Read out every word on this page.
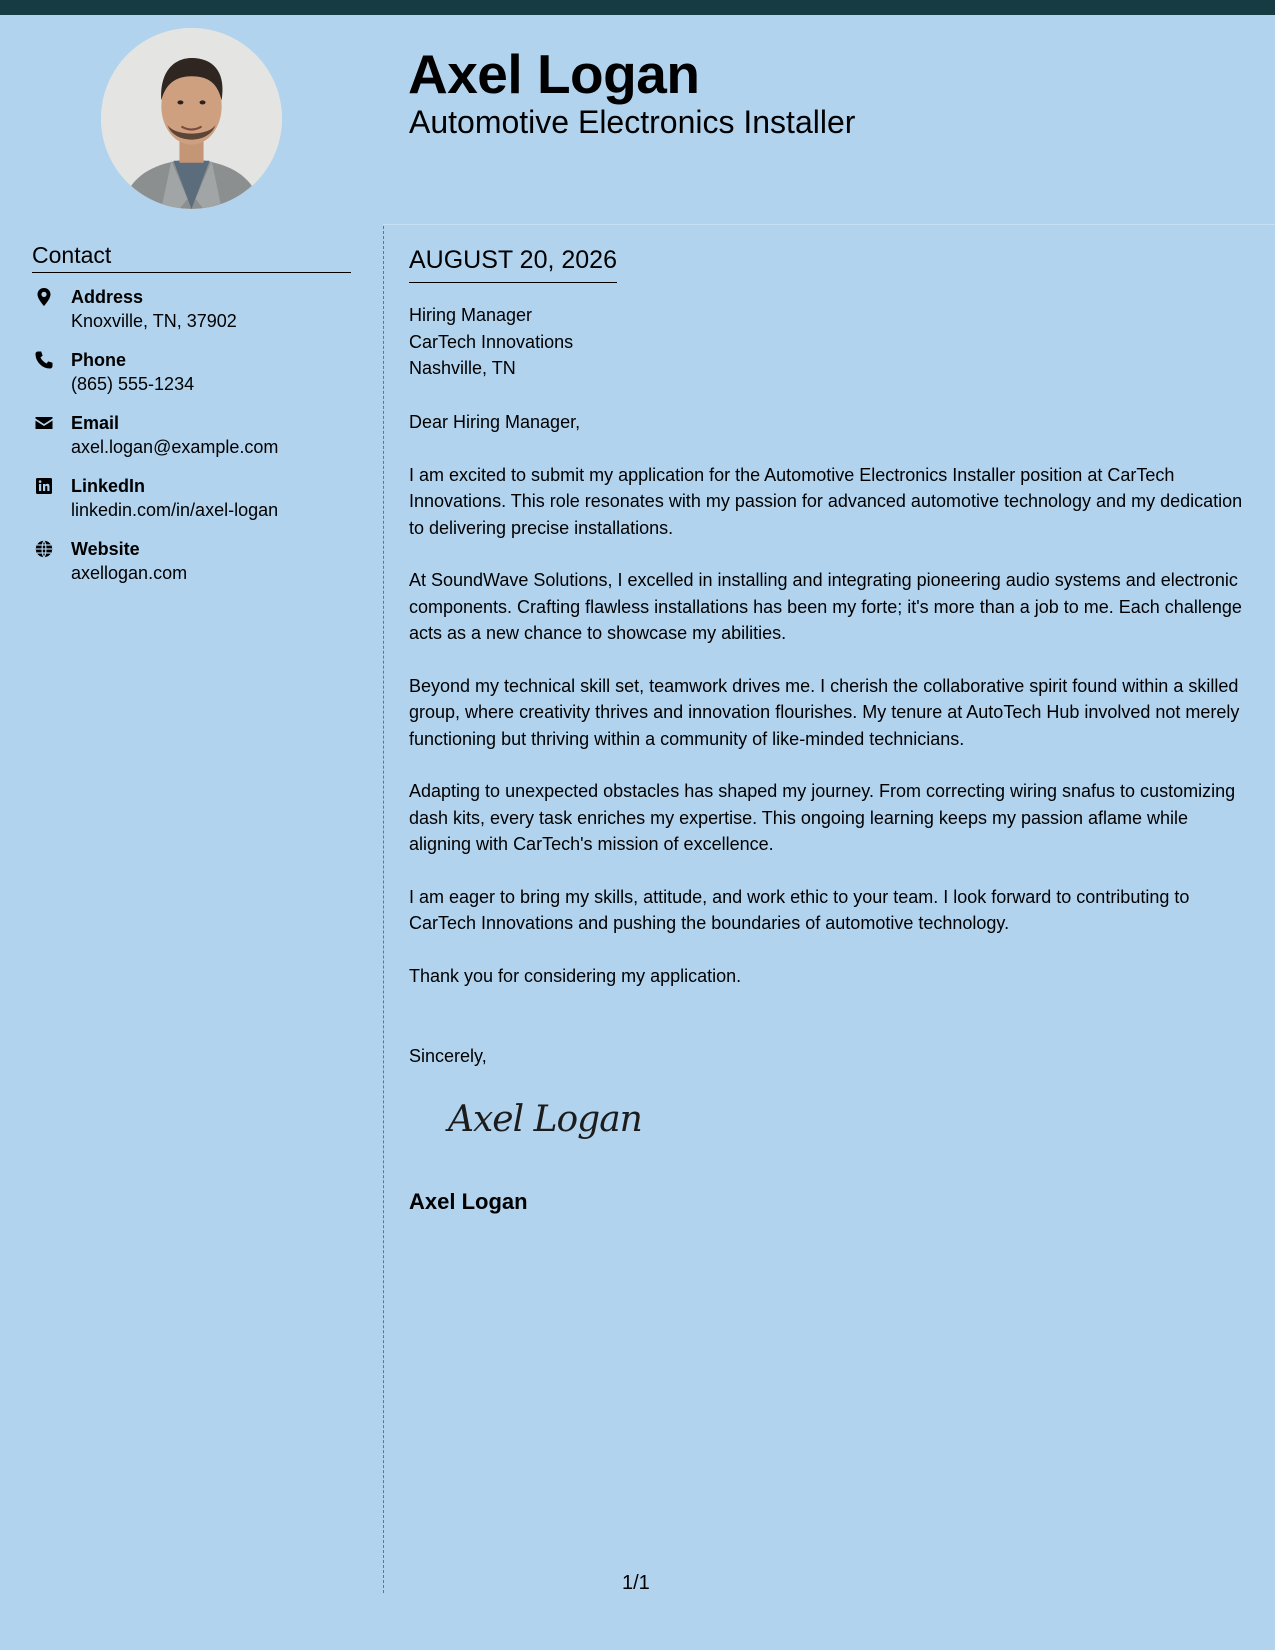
Axel Logan
Automotive Electronics Installer
Contact
Address
Knoxville, TN, 37902
Phone
(865) 555-1234
Email
axel.logan@example.com
LinkedIn
linkedin.com/in/axel-logan
Website
axellogan.com
AUGUST 20, 2026
Hiring Manager
CarTech Innovations
Nashville, TN

Dear Hiring Manager,

I am excited to submit my application for the Automotive Electronics Installer position at CarTech Innovations. This role resonates with my passion for advanced automotive technology and my dedication to delivering precise installations.

At SoundWave Solutions, I excelled in installing and integrating pioneering audio systems and electronic components. Crafting flawless installations has been my forte; it's more than a job to me. Each challenge acts as a new chance to showcase my abilities.

Beyond my technical skill set, teamwork drives me. I cherish the collaborative spirit found within a skilled group, where creativity thrives and innovation flourishes. My tenure at AutoTech Hub involved not merely functioning but thriving within a community of like-minded technicians.

Adapting to unexpected obstacles has shaped my journey. From correcting wiring snafus to customizing dash kits, every task enriches my expertise. This ongoing learning keeps my passion aflame while aligning with CarTech's mission of excellence.

I am eager to bring my skills, attitude, and work ethic to your team. I look forward to contributing to CarTech Innovations and pushing the boundaries of automotive technology.

Thank you for considering my application.

Sincerely,
Axel Logan
Axel Logan
1/1
